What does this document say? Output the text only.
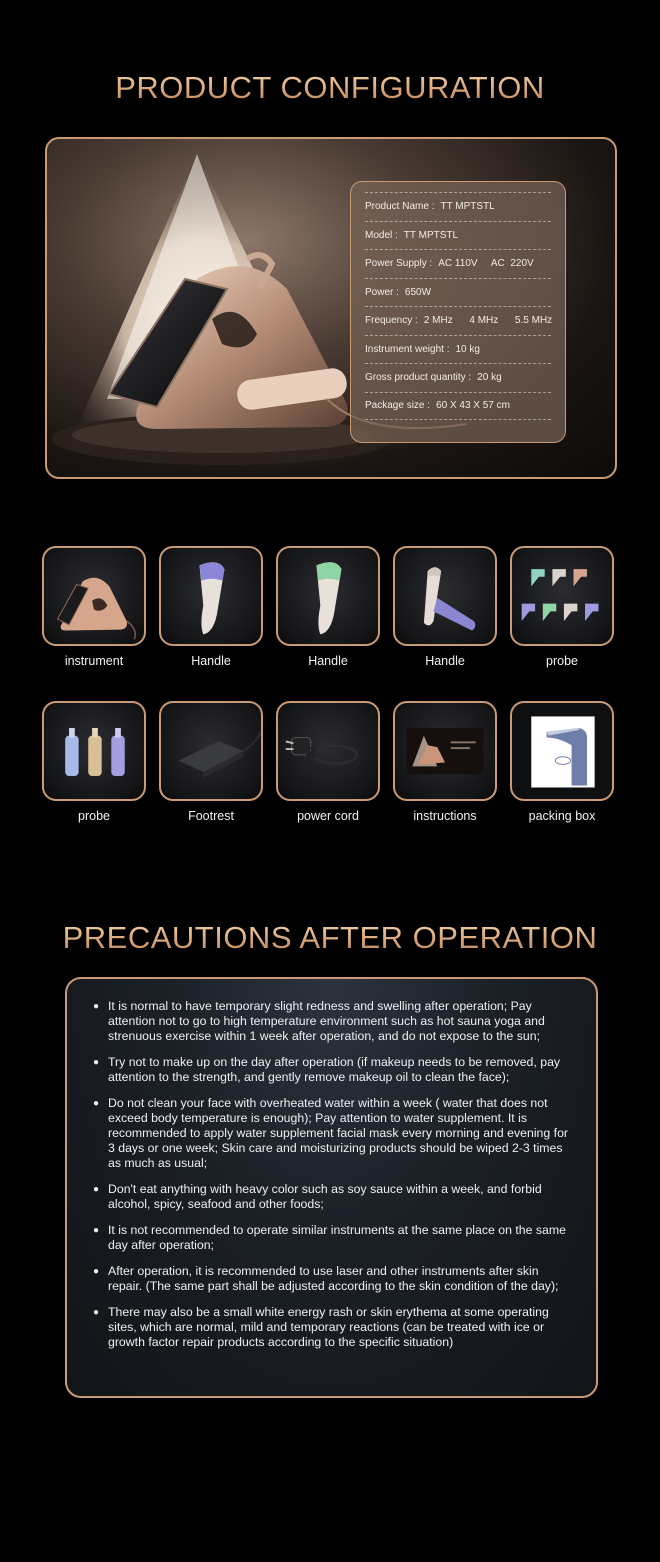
PRODUCT CONFIGURATION
Product Name : TT MPTSTL
Model : TT MPTSTL
Power Supply : AC 110V     AC  220V
Power : 650W
Frequency : 2 MHz      4 MHz      5.5 MHz
Instrument weight : 10 kg
Gross product quantity : 20 kg
Package size : 60 X 43 X 57 cm
instrument	Handle	Handle	Handle	probe
probe	Footrest	power cord	instructions	packing box
PRECAUTIONS AFTER OPERATION
● It is normal to have temporary slight redness and swelling after operation; Pay attention not to go to high temperature environment such as hot sauna yoga and strenuous exercise within 1 week after operation, and do not expose to the sun;
● Try not to make up on the day after operation (if makeup needs to be removed, pay attention to the strength, and gently remove makeup oil to clean the face);
● Do not clean your face with overheated water within a week ( water that does not exceed body temperature is enough); Pay attention to water supplement. It is recommended to apply water supplement facial mask every morning and evening for 3 days or one week; Skin care and moisturizing products should be wiped 2-3 times as much as usual;
● Don't eat anything with heavy color such as soy sauce within a week, and forbid alcohol, spicy, seafood and other foods;
● It is not recommended to operate similar instruments at the same place on the same day after operation;
● After operation, it is recommended to use laser and other instruments after skin repair. (The same part shall be adjusted according to the skin condition of the day);
● There may also be a small white energy rash or skin erythema at some operating sites, which are normal, mild and temporary reactions (can be treated with ice or growth factor repair products according to the specific situation)
